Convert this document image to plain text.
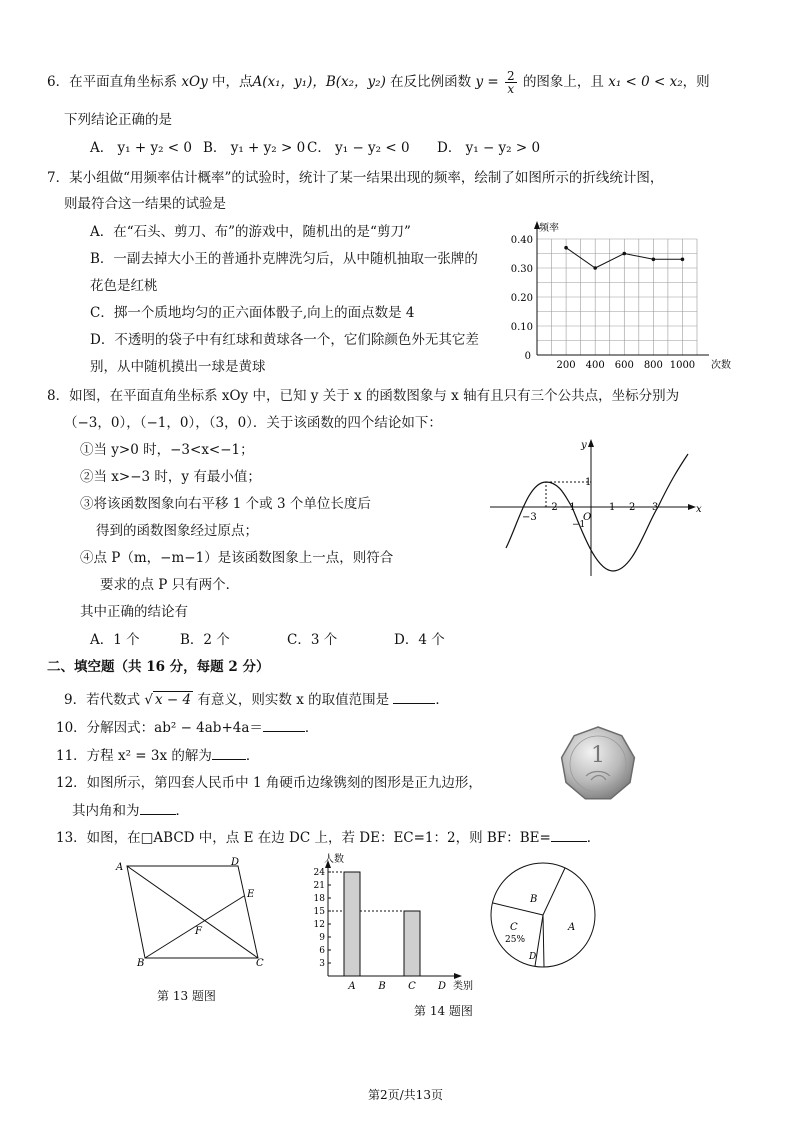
6．在平面直角坐标系 xOy 中，点A(x₁，y₁)，B(x₂，y₂) 在反比例函数 $y = \frac{2}{x}$ 的图象上，且 x₁ < 0 < x₂，则
下列结论正确的是
A． y₁ + y₂ < 0 B． y₁ + y₂ > 0 C． y₁ − y₂ < 0 D． y₁ − y₂ > 0
7．某小组做“用频率估计概率”的试验时，统计了某一结果出现的频率，绘制了如图所示的折线统计图，
则最符合这一结果的试验是
A．在“石头、剪刀、布”的游戏中，随机出的是“剪刀”
B．一副去掉大小王的普通扑克牌洗匀后，从中随机抽取一张牌的
花色是红桃
C．掷一个质地均匀的正六面体骰子,向上的面点数是 4
D．不透明的袋子中有红球和黄球各一个，它们除颜色外无其它差
别，从中随机摸出一球是黄球
0.10
0.20
0.30
0.40
0
200 400 600 800 1000 次数
频率
8．如图，在平面直角坐标系 xOy 中，已知 y 关于 x 的函数图象与 x 轴有且只有三个公共点，坐标分别为
（−3，0），（−1，0），（3，0）．关于该函数的四个结论如下：
①当 y>0 时，−3<x<−1；
②当 x>−3 时，y 有最小值；
③将该函数图象向右平移 1 个或 3 个单位长度后
得到的函数图象经过原点；
④点 P（m，−m−1）是该函数图象上一点，则符合
要求的点 P 只有两个．
其中正确的结论有
A．1 个	B．2 个	C．3 个	D．4 个
x
y
−3
−2 −1
O
1 2 3
1
−1
二、填空题（共 16 分，每题 2 分）
9．若代数式 √ x − 4 有意义，则实数 x 的取值范围是	．
10．分解因式：ab² − 4ab+4a＝	．
11．方程 x² = 3x 的解为	．
12．如图所示，第四套人民币中 1 角硬币边缘镌刻的图形是正九边形，
其内角和为	．
1
13．如图，在□ABCD 中，点 E 在边 DC 上，若 DE：EC=1：2，则 BF：BE=	．
A	D
E
F
B	C
第 13 题图
人数
24
21
18
15
12
9
6
3
A B C D 类别
第 14 题图
B
A
C
25%
D
第2页/共13页
